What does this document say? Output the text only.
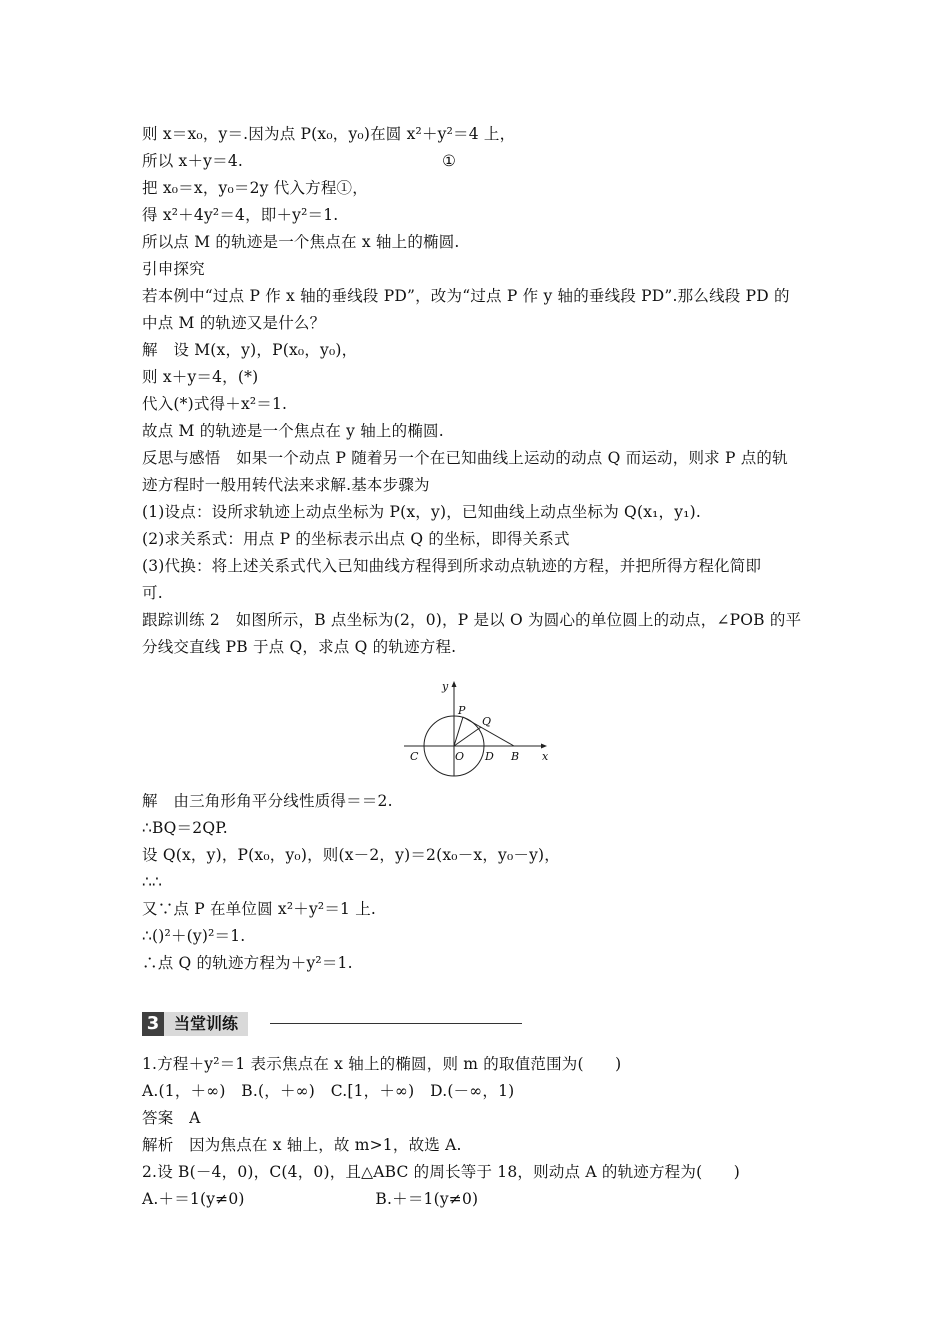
则 x＝x₀，y＝.因为点 P(x₀，y₀)在圆 x²＋y²＝4 上，
所以 x＋y＝4.
把 x₀＝x，y₀＝2y 代入方程①，
得 x²＋4y²＝4，即＋y²＝1.
所以点 M 的轨迹是一个焦点在 x 轴上的椭圆.
引申探究
若本例中“过点 P 作 x 轴的垂线段 PD”，改为“过点 P 作 y 轴的垂线段 PD”.那么线段 PD 的
中点 M 的轨迹又是什么？
解　设 M(x，y)，P(x₀，y₀)，
则 x＋y＝4，(*)
代入(*)式得＋x²＝1.
故点 M 的轨迹是一个焦点在 y 轴上的椭圆.
反思与感悟　如果一个动点 P 随着另一个在已知曲线上运动的动点 Q 而运动，则求 P 点的轨
迹方程时一般用转代法来求解.基本步骤为
(1)设点：设所求轨迹上动点坐标为 P(x，y)，已知曲线上动点坐标为 Q(x₁，y₁).
(2)求关系式：用点 P 的坐标表示出点 Q 的坐标，即得关系式
(3)代换：将上述关系式代入已知曲线方程得到所求动点轨迹的方程，并把所得方程化简即
可.
跟踪训练 2　如图所示，B 点坐标为(2，0)，P 是以 O 为圆心的单位圆上的动点，∠POB 的平
分线交直线 PB 于点 Q，求点 Q 的轨迹方程.
解　由三角形角平分线性质得＝＝2.
∴BQ＝2QP.
设 Q(x，y)，P(x₀，y₀)，则(x－2，y)＝2(x₀－x，y₀－y)，
∴∴
又∵点 P 在单位圆 x²＋y²＝1 上.
∴()²＋(y)²＝1.
∴点 Q 的轨迹方程为＋y²＝1.
1.方程＋y²＝1 表示焦点在 x 轴上的椭圆，则 m 的取值范围为(　　)
A.(1，＋∞)　B.(，＋∞)　C.[1，＋∞)　D.(－∞，1)
答案　A
解析　因为焦点在 x 轴上，故 m>1，故选 A.
2.设 B(－4，0)，C(4，0)，且△ABC 的周长等于 18，则动点 A 的轨迹方程为(　　)
A.＋＝1(y≠0)　　　　　　　　 B.＋＝1(y≠0)
①
y
x
P
Q
C	O D B
3 当堂训练
